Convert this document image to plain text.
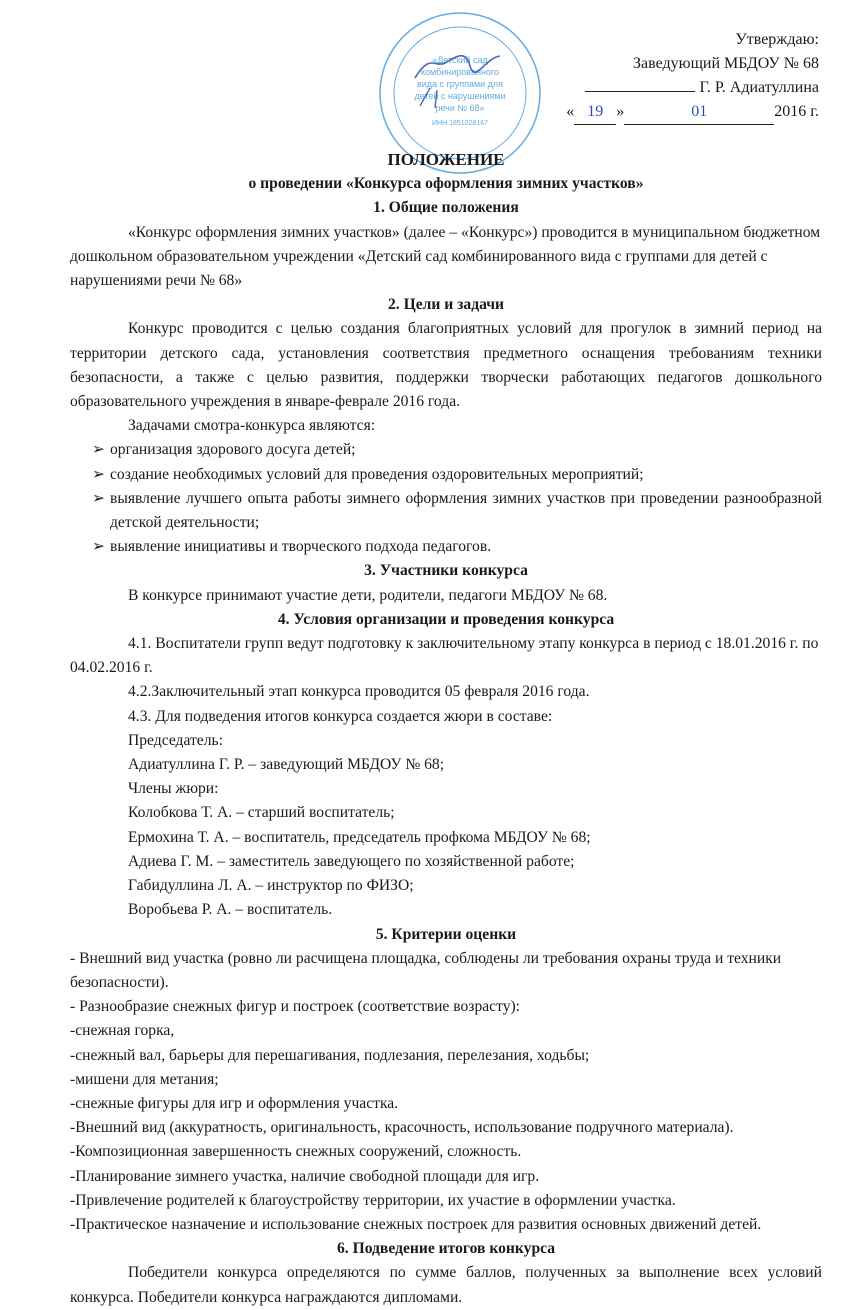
«Детский сад
комбинированного
вида с группами для
детей с нарушениями
речи № 68»
ИНН 1851028167
Утверждаю:
Заведующий МБДОУ № 68
Г. Р. Адиатуллина
« 19 »	01	2016 г.

ПОЛОЖЕНИЕ

о проведении «Конкурса оформления зимних участков»

1. Общие положения

«Конкурс оформления зимних участков» (далее – «Конкурс») проводится в муниципальном бюджетном дошкольном образовательном учреждении «Детский сад комбинированного вида с группами для детей с нарушениями речи № 68»

2. Цели и задачи

Конкурс проводится с целью создания благоприятных условий для прогулок в зимний период на территории детского сада, установления соответствия предметного оснащения требованиям техники безопасности, а также с целью развития, поддержки творчески работающих педагогов дошкольного образовательного учреждения в январе-феврале 2016 года.

Задачами смотра-конкурса являются:

➢ организация здорового досуга детей;
➢ создание необходимых условий для проведения оздоровительных мероприятий;
➢ выявление лучшего опыта работы зимнего оформления зимних участков при проведении разнообразной детской деятельности;
➢ выявление инициативы и творческого подхода педагогов.

3. Участники конкурса

В конкурсе принимают участие дети, родители, педагоги МБДОУ № 68.

4. Условия организации и проведения конкурса

4.1. Воспитатели групп ведут подготовку к заключительному этапу конкурса в период с 18.01.2016 г. по 04.02.2016 г.

4.2.Заключительный этап конкурса проводится 05 февраля 2016 года.

4.3. Для подведения итогов конкурса создается жюри в составе:

Председатель:

Адиатуллина Г. Р. – заведующий МБДОУ № 68;

Члены жюри:

Колобкова Т. А. – старший воспитатель;

Ермохина Т. А. – воспитатель, председатель профкома МБДОУ № 68;

Адиева Г. М. – заместитель заведующего по хозяйственной работе;

Габидуллина Л. А. – инструктор по ФИЗО;

Воробьева Р. А. – воспитатель.

5. Критерии оценки

- Внешний вид участка (ровно ли расчищена площадка, соблюдены ли требования охраны труда и техники безопасности).

- Разнообразие снежных фигур и построек (соответствие возрасту):

-снежная горка,

-снежный вал, барьеры для перешагивания, подлезания, перелезания, ходьбы;

-мишени для метания;

-снежные фигуры для игр и оформления участка.

-Внешний вид (аккуратность, оригинальность, красочность, использование подручного материала).

-Композиционная завершенность снежных сооружений, сложность.

-Планирование зимнего участка, наличие свободной площади для игр.

-Привлечение родителей к благоустройству территории, их участие в оформлении участка.

-Практическое назначение и использование снежных построек для развития основных движений детей.

6. Подведение итогов конкурса

Победители конкурса определяются по сумме баллов, полученных за выполнение всех условий конкурса. Победители конкурса награждаются дипломами.
